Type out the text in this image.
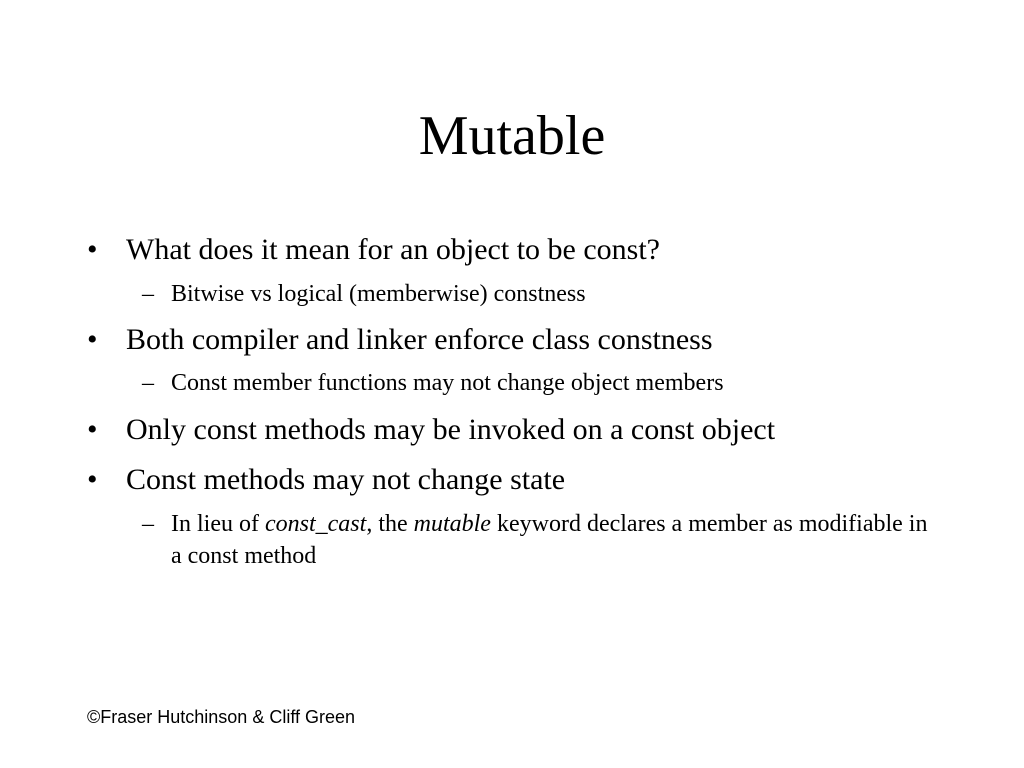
Mutable
• What does it mean for an object to be const?
– Bitwise vs logical (memberwise) constness
• Both compiler and linker enforce class constness
– Const member functions may not change object members
• Only const methods may be invoked on a const object
• Const methods may not change state
– In lieu of const_cast, the mutable keyword declares a member as modifiable in a const method
©Fraser Hutchinson & Cliff Green
